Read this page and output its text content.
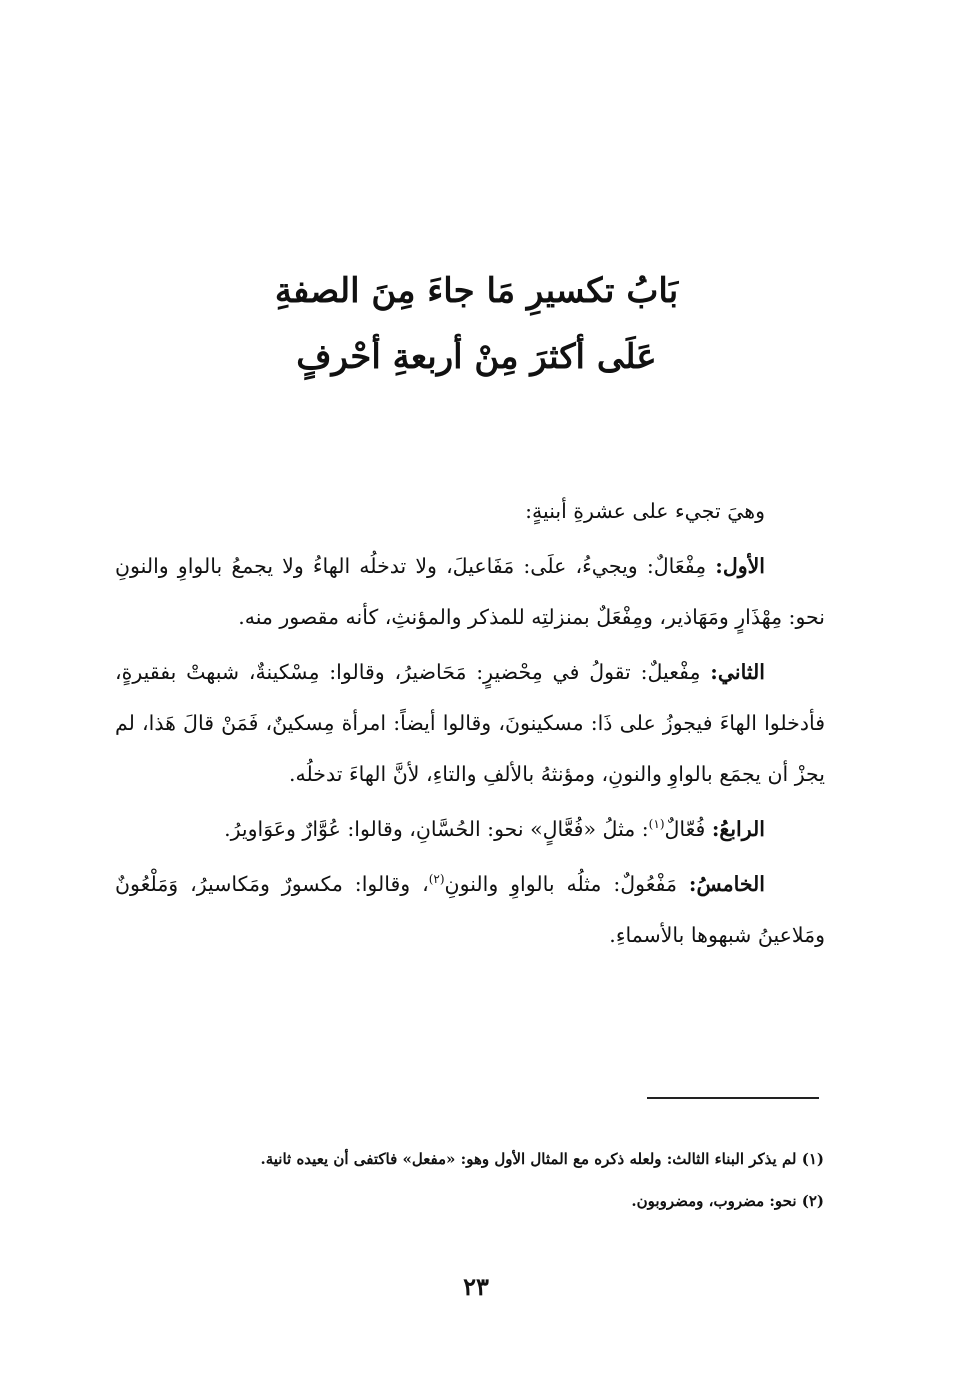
بَابُ تكسيرِ مَا جاءَ مِنَ الصفةِ
عَلَى أكثرَ مِنْ أربعةِ أحْرفٍ

وهيَ تجيء على عشرةِ أبنيةٍ:

الأول: مِفْعَالٌ: ويجيءُ، علَى: مَفَاعيلَ، ولا تدخلُه الهاءُ ولا يجمعُ بالواوِ والنونِ نحو: مِهْذَارٍ ومَهَاذير، ومِفْعَلٌ بمنزلتِه للمذكر والمؤنثِ، كأنه مقصور منه.

الثاني: مِفْعيلٌ: تقولُ في مِحْضيرٍ: مَحَاضيرُ، وقالوا: مِسْكينةٌ، شبهتْ بفقيرةٍ، فأدخلوا الهاءَ فيجوزُ على ذَا: مسكينونَ، وقالوا أيضاً: امرأة مِسكينٌ، فَمَنْ قالَ هَذا، لم يجزْ أن يجمَع بالواوِ والنونِ، ومؤنثهُ بالألفِ والتاءِ، لأنَّ الهاءَ تدخلُه.

الرابعُ: فُعّالٌ$^{(١)}$: مثلُ «فُعَّالٍ» نحو: الحُسَّانِ، وقالوا: عُوَّارٌ وعَوَاويرُ.

الخامسُ: مَفْعُولٌ: مثلُه بالواوِ والنونِ$^{(٢)}$، وقالوا: مكسورٌ ومَكاسيرُ، وَمَلْعُونٌ ومَلاعينُ شبهوها بالأسماءِ.

(١) لم يذكر البناء الثالث: ولعله ذكره مع المثال الأول وهو: «مفعل» فاكتفى أن يعيده ثانية.

(٢) نحو: مضروب، ومضروبون.

٢٣
